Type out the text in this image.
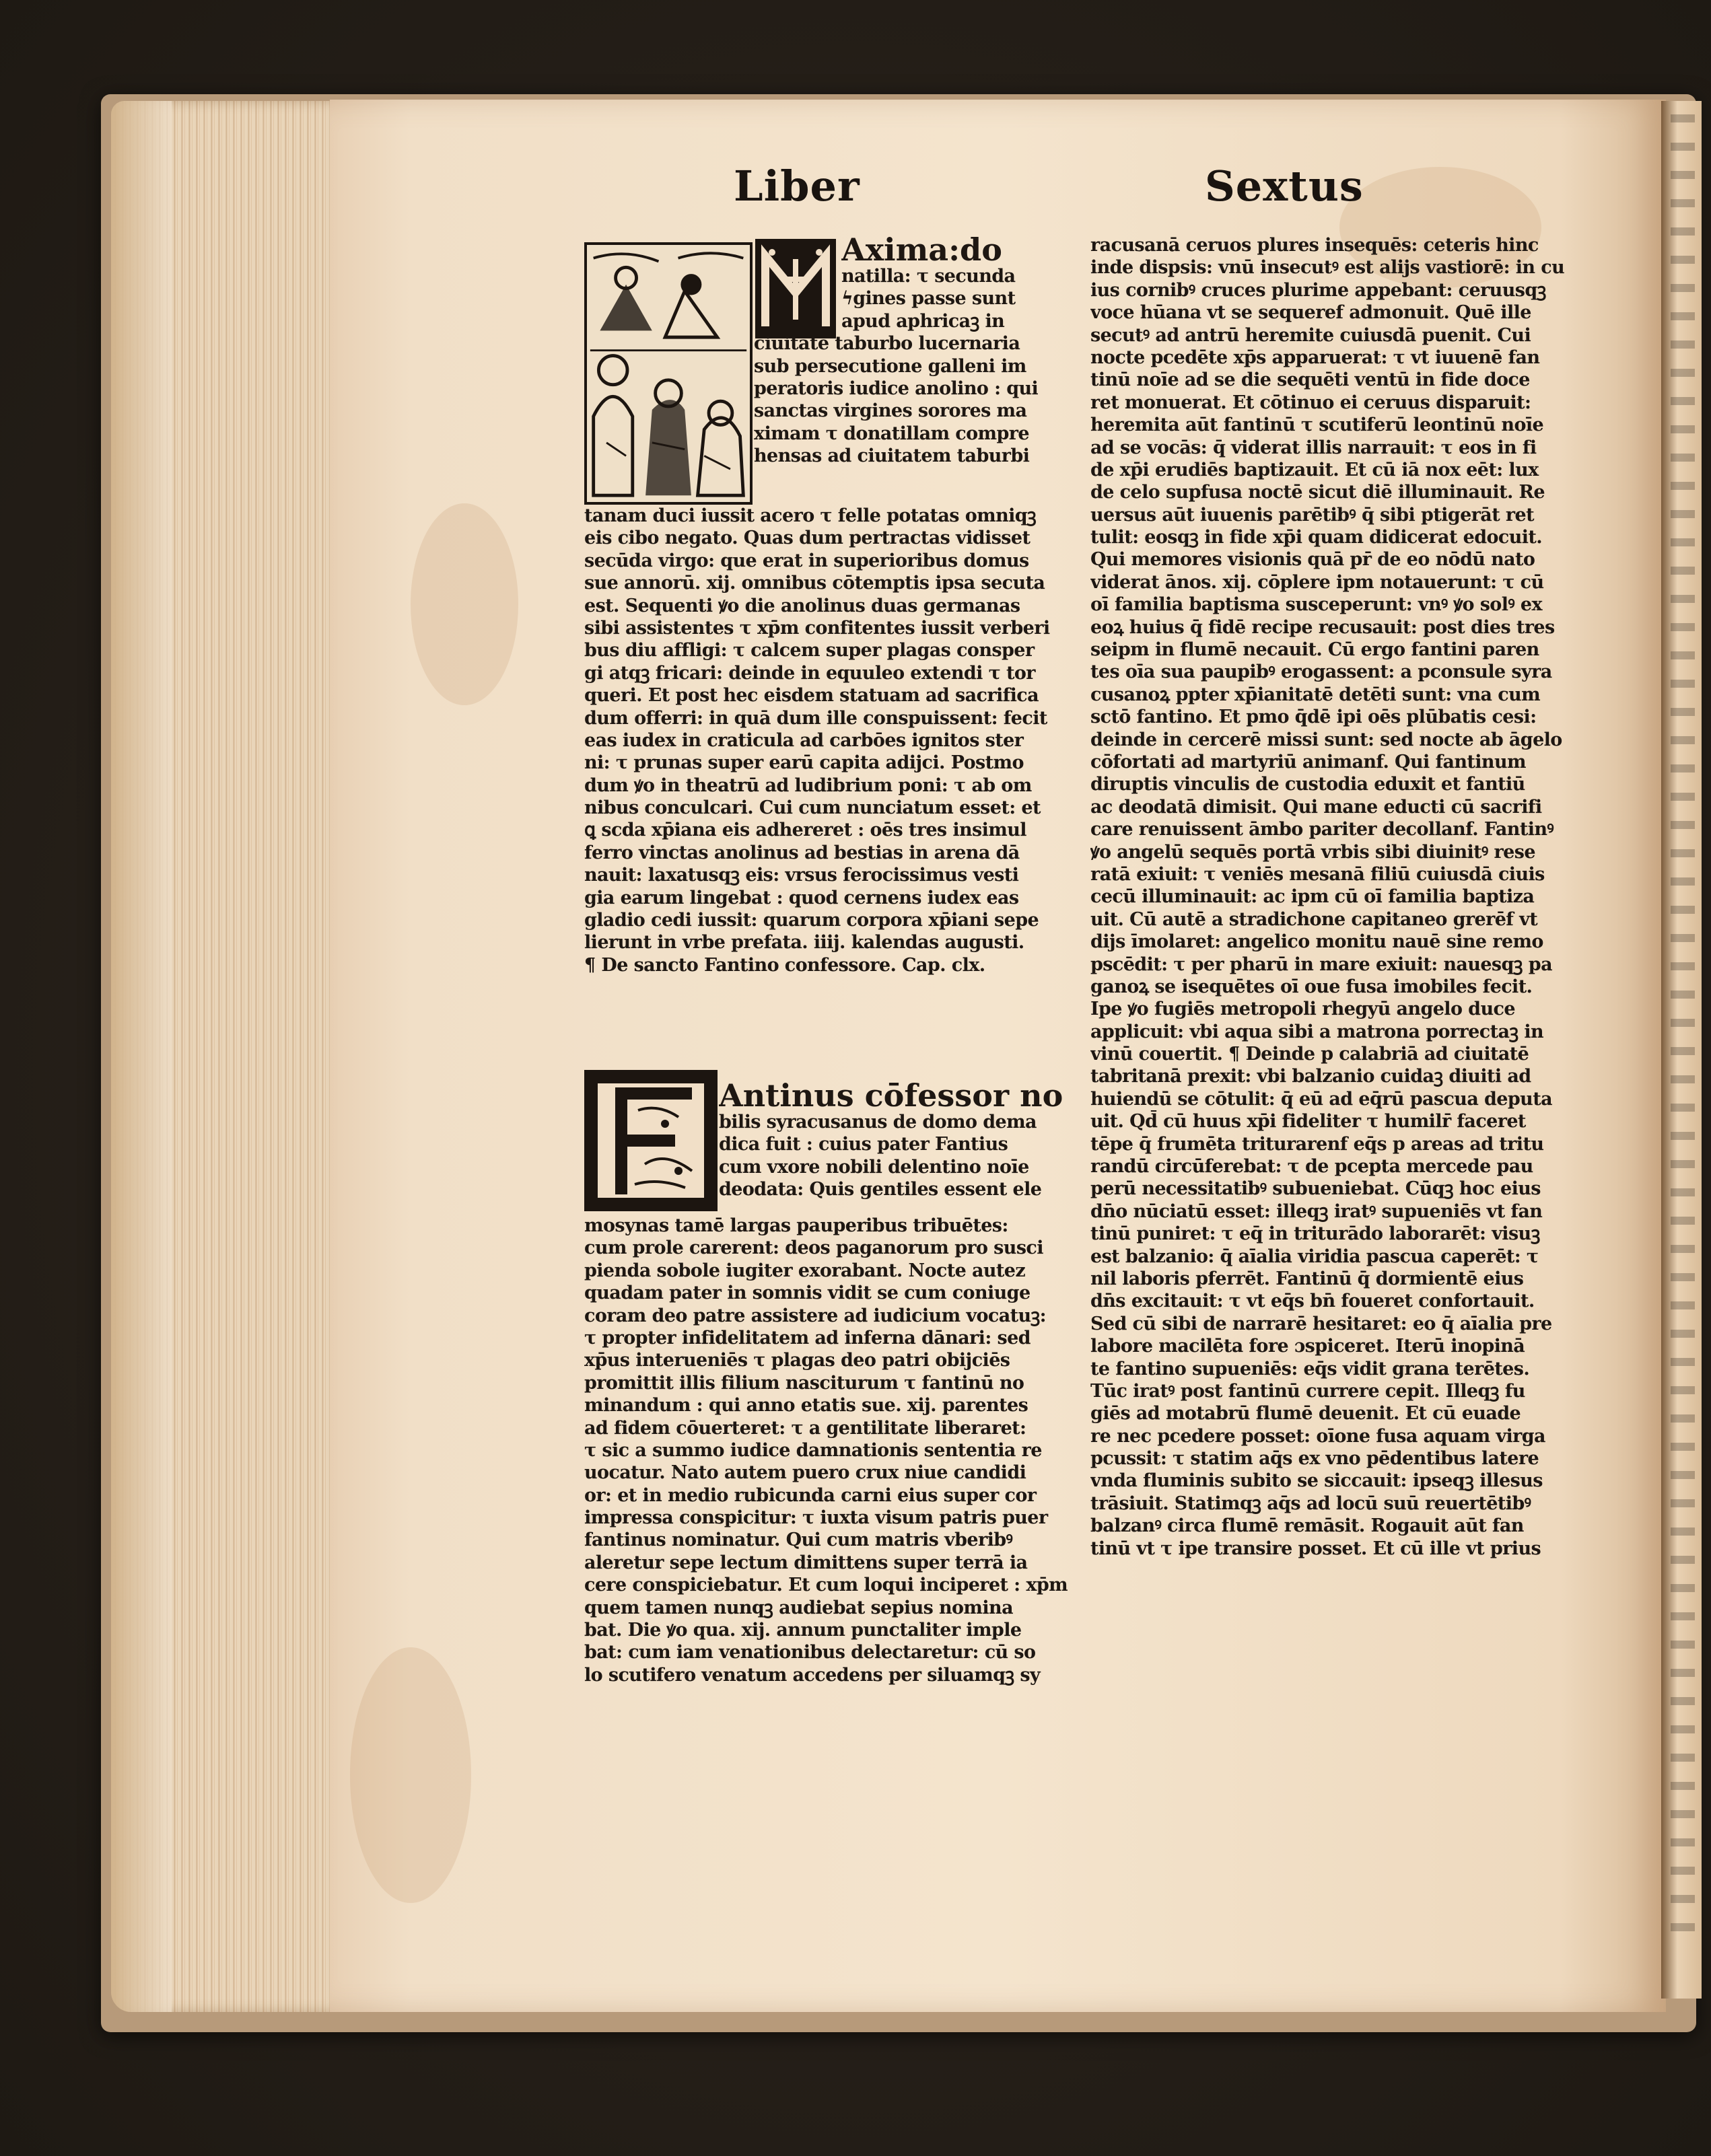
Liber	Sextus
Axima:do
natilla: τ secunda
ϟgines passe sunt
apud aphricaꝫ in
ciuitate taburbo lucernaria
sub persecutione galleni im
peratoris iudice anolino : qui
sanctas virgines sorores ma
ximam τ donatillam compre
hensas ad ciuitatem taburbi
tanam duci iussit acero τ felle potatas omniqꝫ
eis cibo negato. Quas dum pertractas vidisset
secūda virgo: que erat in superioribus domus
sue annorū. xij. omnibus cōtemptis ipsa secuta
est. Sequenti ꝟo die anolinus duas germanas
sibi assistentes τ xp̄m confitentes iussit verberi
bus diu affligi: τ calcem super plagas consper
gi atqꝫ fricari: deinde in equuleo extendi τ tor
queri. Et post hec eisdem statuam ad sacrifica
dum offerri: in quā dum ille conspuissent: fecit
eas iudex in craticula ad carbōes ignitos ster
ni: τ prunas super earū capita adijci. Postmo
dum ꝟo in theatrū ad ludibrium poni: τ ab om
nibus conculcari. Cui cum nunciatum esset: et
ꝗ scda xp̄iana eis adhereret : oēs tres insimul
ferro vinctas anolinus ad bestias in arena dā
nauit: laxatusqꝫ eis: vrsus ferocissimus vesti
gia earum lingebat : quod cernens iudex eas
gladio cedi iussit: quarum corpora xp̄iani sepe
lierunt in vrbe prefata. iiij. kalendas augusti.
¶ De sancto Fantino confessore. Cap. clx.
Antinus cōfessor no
bilis syracusanus de domo dema
dica fuit : cuius pater Fantius
cum vxore nobili delentino noīe
deodata: Quis gentiles essent ele
mosynas tamē largas pauperibus tribuētes:
cum prole carerent: deos paganorum pro susci
pienda sobole iugiter exorabant. Nocte autez
quadam pater in somnis vidit se cum coniuge
coram deo patre assistere ad iudicium vocatuꝫ:
τ propter infidelitatem ad inferna dānari: sed
xp̄us interueniēs τ plagas deo patri obijciēs
promittit illis filium nasciturum τ fantinū no
minandum : qui anno etatis sue. xij. parentes
ad fidem cōuerteret: τ a gentilitate liberaret:
τ sic a summo iudice damnationis sententia re
uocatur. Nato autem puero crux niue candidi
or: et in medio rubicunda carni eius super cor
impressa conspicitur: τ iuxta visum patris puer
fantinus nominatur. Qui cum matris vberibꝰ
aleretur sepe lectum dimittens super terrā ia
cere conspiciebatur. Et cum loqui inciperet : xp̄m
quem tamen nunqꝫ audiebat sepius nomina
bat. Die ꝟo qua. xij. annum punctaliter imple
bat: cum iam venationibus delectaretur: cū so
lo scutifero venatum accedens per siluamqꝫ sy
racusanā ceruos plures insequēs: ceteris hinc
inde dispsis: vnū insecutꝰ est alijs vastiorē: in cu
ius cornibꝰ cruces plurime appebant: ceruusqꝫ
voce hūana vt se sequeref admonuit. Quē ille
secutꝰ ad antrū heremite cuiusdā puenit. Cui
nocte pcedēte xp̄s apparuerat: τ vt iuuenē fan
tinū noīe ad se die sequēti ventū in fide doce
ret monuerat. Et cōtinuo ei ceruus disparuit:
heremita aūt fantinū τ scutiferū leontinū noīe
ad se vocās: q̄ viderat illis narrauit: τ eos in fi
de xp̄i erudiēs baptizauit. Et cū iā nox eēt: lux
de celo supfusa noctē sicut diē illuminauit. Re
uersus aūt iuuenis parētibꝰ q̄ sibi ptigerāt ret
tulit: eosqꝫ in fide xp̄i quam didicerat edocuit.
Qui memores visionis quā pr̄ de eo nōdū nato
viderat ānos. xij. cōplere ipm notauerunt: τ cū
oī familia baptisma susceperunt: vnꝰ ꝟo solꝰ ex
eoꝝ huius q̄ fidē recipe recusauit: post dies tres
seipm in flumē necauit. Cū ergo fantini paren
tes oīa sua paupibꝰ erogassent: a pconsule syra
cusanoꝝ ppter xp̄ianitatē detēti sunt: vna cum
sctō fantino. Et pmo q̄dē ipi oēs plūbatis cesi:
deinde in cercerē missi sunt: sed nocte ab āgelo
cōfortati ad martyriū animanf. Qui fantinum
diruptis vinculis de custodia eduxit et fantiū
ac deodatā dimisit. Qui mane educti cū sacrifi
care renuissent āmbo pariter decollanf. Fantinꝰ
ꝟo angelū sequēs portā vrbis sibi diuinitꝰ rese
ratā exiuit: τ veniēs mesanā filiū cuiusdā ciuis
cecū illuminauit: ac ipm cū oī familia baptiza
uit. Cū autē a stradichone capitaneo grerēf vt
dijs īmolaret: angelico monitu nauē sine remo
pscēdit: τ per pharū in mare exiuit: nauesqꝫ pa
ganoꝝ se isequētes oī oue fusa imobiles fecit.
Ipe ꝟo fugiēs metropoli rhegyū angelo duce
applicuit: vbi aqua sibi a matrona porrectaꝫ in
vinū couertit. ¶ Deinde p calabriā ad ciuitatē
tabritanā prexit: vbi balzanio cuidaꝫ diuiti ad
huiendū se cōtulit: q̄ eū ad eq̄rū pascua deputa
uit. Qd̄ cū huus xp̄i fideliter τ humilr̄ faceret
tēpe q̄ frumēta triturarenf eq̄s p areas ad tritu
randū circūferebat: τ de pcepta mercede pau
perū necessitatibꝰ subueniebat. Cūqꝫ hoc eius
dn̄o nūciatū esset: illeqꝫ iratꝰ supueniēs vt fan
tinū puniret: τ eq̄ in triturādo laborarēt: visuꝫ
est balzanio: q̄ aīalia viridia pascua caperēt: τ
nil laboris pferrēt. Fantinū q̄ dormientē eius
dn̄s excitauit: τ vt eq̄s bn̄ foueret confortauit.
Sed cū sibi de narrarē hesitaret: eo q̄ aīalia pre
labore macilēta fore ɔspiceret. Iterū inopinā
te fantino supueniēs: eq̄s vidit grana terētes.
Tūc iratꝰ post fantinū currere cepit. Illeqꝫ fu
giēs ad motabrū flumē deuenit. Et cū euade
re nec pcedere posset: oīone fusa aquam virga
pcussit: τ statim aq̄s ex vno pēdentibus latere
vnda fluminis subito se siccauit: ipseqꝫ illesus
trāsiuit. Statimqꝫ aq̄s ad locū suū reuertētibꝰ
balzanꝰ circa flumē remāsit. Rogauit aūt fan
tinū vt τ ipe transire posset. Et cū ille vt prius
